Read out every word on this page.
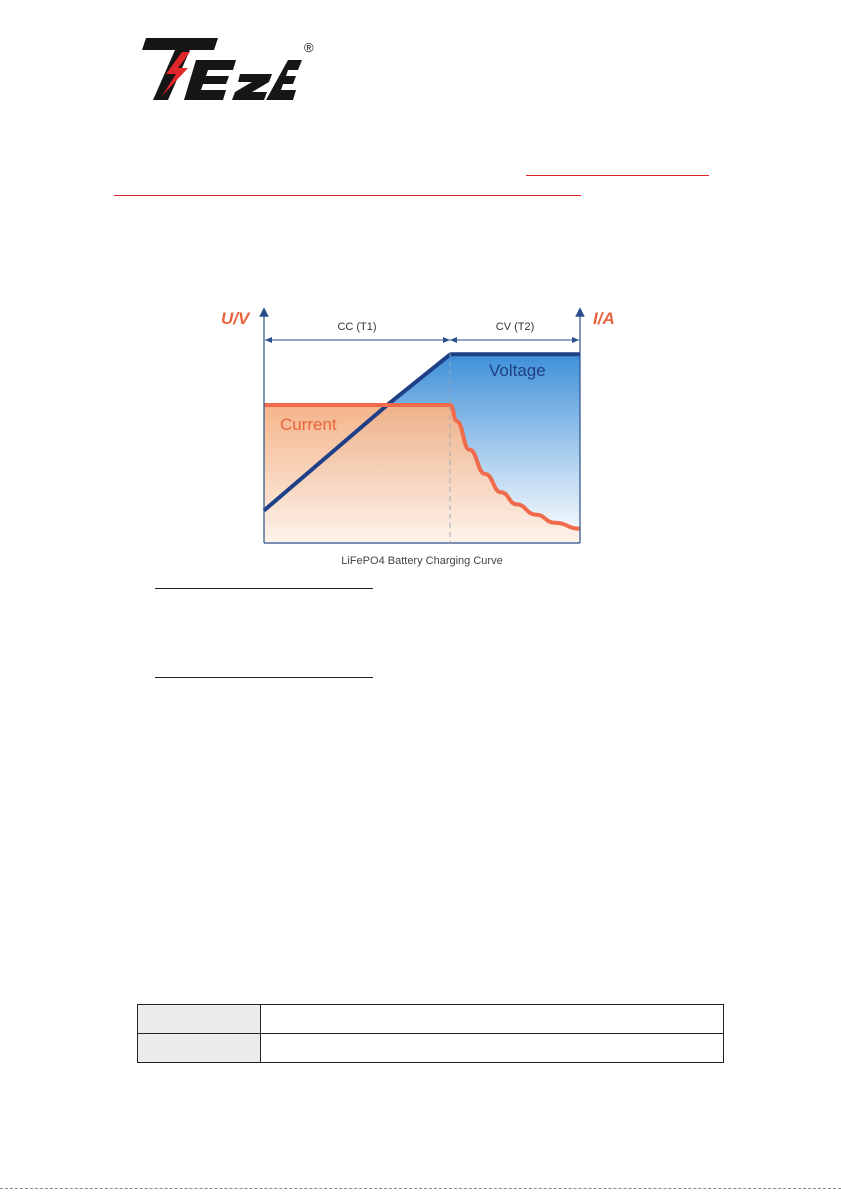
®
CC (T1)	CV (T2)
U/V	I/A
Voltage
Current
LiFePO4 Battery Charging Curve
